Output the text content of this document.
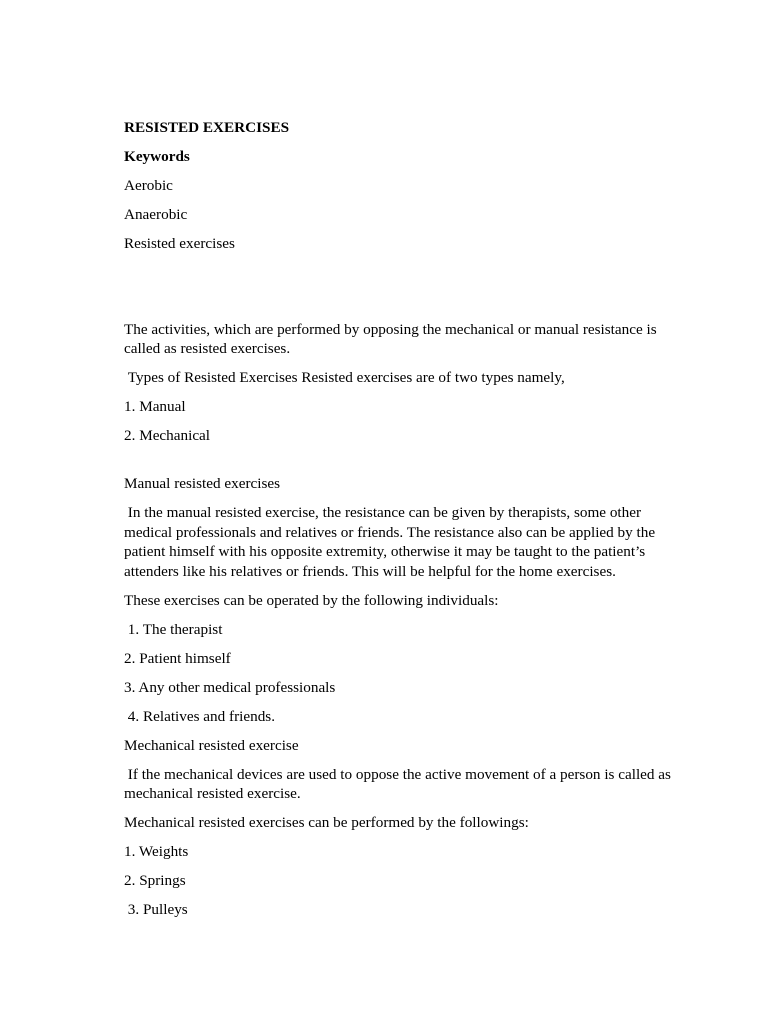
RESISTED EXERCISES

Keywords

Aerobic

Anaerobic

Resisted exercises

The activities, which are performed by opposing the mechanical or manual resistance is called as resisted exercises.

Types of Resisted Exercises Resisted exercises are of two types namely,

1. Manual

2. Mechanical

Manual resisted exercises

In the manual resisted exercise, the resistance can be given by therapists, some other medical professionals and relatives or friends. The resistance also can be applied by the patient himself with his opposite extremity, otherwise it may be taught to the patient’s attenders like his relatives or friends. This will be helpful for the home exercises.

These exercises can be operated by the following individuals:

1. The therapist

2. Patient himself

3. Any other medical professionals

4. Relatives and friends.

Mechanical resisted exercise

If the mechanical devices are used to oppose the active movement of a person is called as mechanical resisted exercise.

Mechanical resisted exercises can be performed by the followings:

1. Weights

2. Springs

3. Pulleys
